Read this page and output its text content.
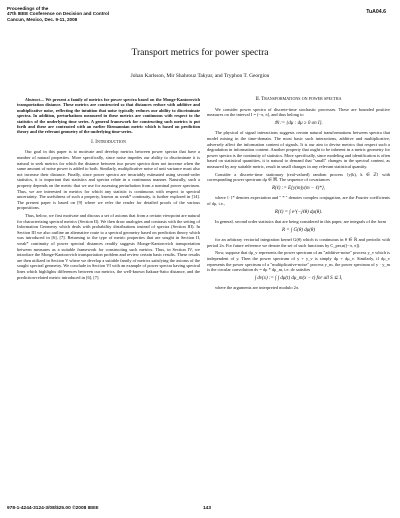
Proceedings of the
47th IEEE Conference on Decision and Control
Cancun, Mexico, Dec. 9-11, 2008
TuA04.6
Transport metrics for power spectra
Johan Karlsson, Mir Shahrouz Takyar, and Tryphon T. Georgiou

Abstract— We present a family of metrics for power spectra based on the Monge-Kantorovich transportation distance. These metrics are constructed so that distances reduce with additive and multiplicative noise, reflecting the intuition that noise typically reduces our ability to discriminate spectra. In addition, perturbations measured in these metrics are continuous with respect to the statistics of the underlying time series. A general framework for constructing such metrics is put forth and these are contrasted with an earlier Riemannian metric which is based on prediction theory and the relevant geometry of the underlying time-series.

I. Introduction

Our goal in this paper is to motivate and develop metrics between power spectra that have a number of natural properties. More specifically, since noise impedes our ability to discriminate it is natural to seek metrics for which the distance between two power spectra does not increase when the same amount of noise power is added to both. Similarly, multiplicative noise of unit variance must also not increase their distance. Finally, since power spectra are invariably estimated using second-order statistics, it is important that statistics and spectra relate in a continuous manner. Naturally, such a property depends on the metric that we use for assessing perturbation from a nominal power spectrum. Thus, we are interested in metrics for which any statistic is continuous with respect to spectral uncertainty. The usefulness of such a property, known as weak* continuity, is further explored in [14]. The present paper is based on [9] where we refer the reader for detailed proofs of the various propositions.

Thus, below, we first motivate and discuss a set of axioms that from a certain viewpoint are natural for characterizing spectral metrics (Section II). We then draw analogies and contrasts with the setting of Information Geometry which deals with probability distributions instead of spectra (Section III). In Section III we also outline an alternative route to a spectral geometry based on prediction theory which was introduced in [6], [7]. Returning to the type of metric properties that are sought in Section II, weak* continuity of power spectral distances readily suggests Monge-Kantorovich transportation between measures as a suitable framework for constructing such metrics. Thus, in Section IV, we introduce the Monge-Kantorovich transportation problem and review certain basic results. These results are then utilized in Section V where we develop a suitable family of metrics satisfying the axioms of the sought spectral geometry. We conclude in Section VI with an example of power spectra having spectral lines which highlights differences between our metrics, the well-known Itakura-Saito distance, and the prediction-related metric introduced in [6], [7].

II. Transformations on power spectra

We consider power spectra of discrete-time stochastic processes. These are bounded positive measures on the interval I = (−π, π], and thus belong to

𝔐 := {dμ : dμ ≥ 0 on I}.

The physical of signal interactions suggests certain natural transformations between spectra that model mixing in the time-domain. The most basic such interactions, additive and multiplicative, adversely affect the information content of signals. It is our aim to devise metrics that respect such a degradation in information content. Another property that ought to be inherent in a metric geometry for power spectra is the continuity of statistics. More specifically, since modeling and identification is often based on statistical quantities, it is natural to demand that "small" changes in the spectral content, as measured by any suitable metric, result in small changes in any relevant statistical quantity.

Consider a discrete-time stationary (real-valued) random process {y(k), k ∈ ℤ} with corresponding power spectrum dμ ∈ 𝔐. The sequence of covariances

R(ℓ) := E{y(m)y(m − ℓ)*},

where {·}* denotes expectation and " * " denotes complex conjugation, are the Fourier coefficients of dμ, i.e.,

R(ℓ) = ∫ e^(−jℓθ) dμ(θ).

In general, second order statistics that are being considered in this paper, are integrals of the form

R = ∫ G(θ) dμ(θ)

for an arbitrary vectorial integration kernel G(θ) which is continuous in θ ∈ ℝ and periodic with period 2π. For future reference we denote the set of such functions by C_per,n((−π, π]).

Now, suppose that dμ_v represents the power spectrum of an "additive-noise" process y_v which is independent of y. Then the power spectrum of y + y_v is simply dμ + dμ_v. Similarly, if dμ_v represents the power spectrum of a "multiplicative-noise" process y_m, the power spectrum of y · y_m is the circular convolution dν = dμ * dμ_m, i.e. dν satisfies

∫ dν(x) := ∫ ∫ dμ(t) dμ_m(x − t) for all S ⊆ I,

where the arguments are interpreted modulo 2π.

978-1-4244-3124-3/08/$25.00 ©2008 IEEE	143
